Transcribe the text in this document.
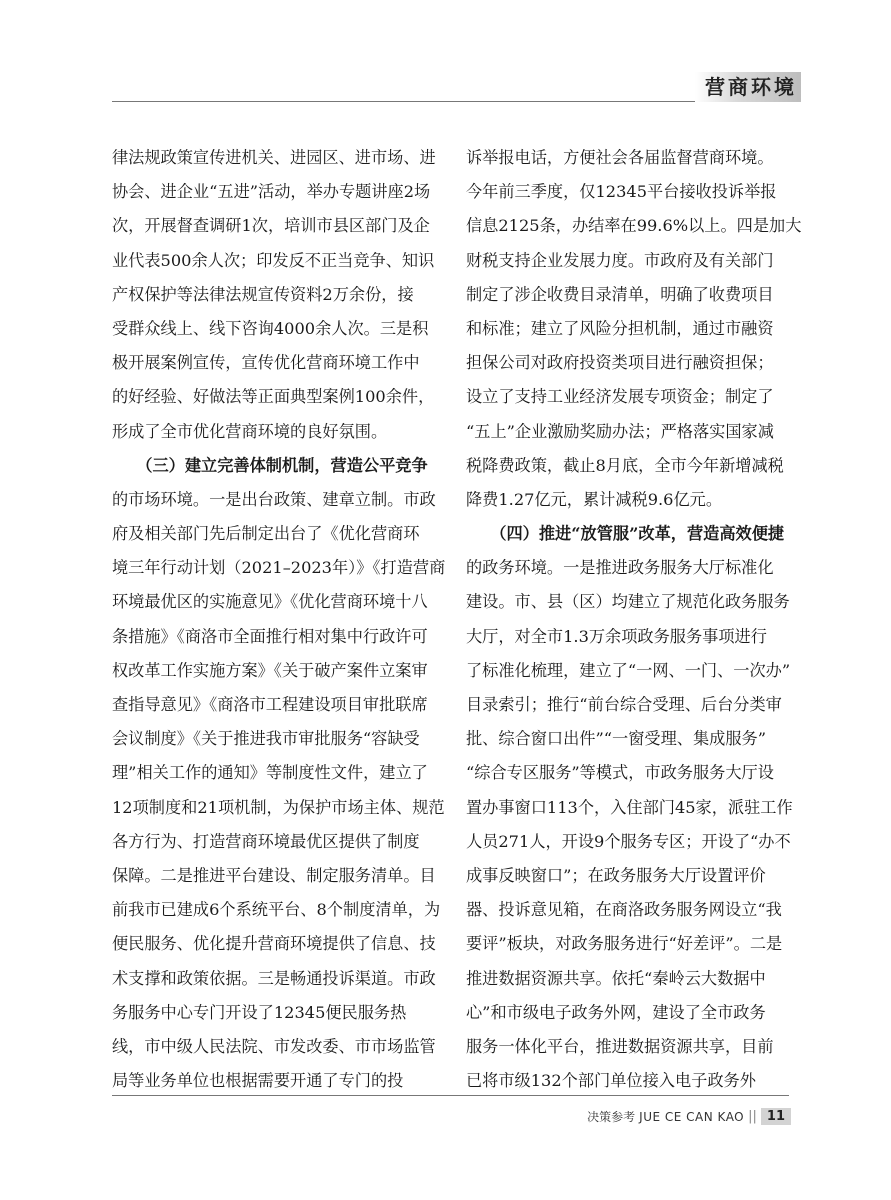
营商环境
律法规政策宣传进机关、进园区、进市场、进
协会、进企业“五进”活动，举办专题讲座2场
次，开展督查调研1次，培训市县区部门及企
业代表500余人次；印发反不正当竞争、知识
产权保护等法律法规宣传资料2万余份，接
受群众线上、线下咨询4000余人次。三是积
极开展案例宣传，宣传优化营商环境工作中
的好经验、好做法等正面典型案例100余件，
形成了全市优化营商环境的良好氛围。
　　（三）建立完善体制机制，营造公平竞争
的市场环境。一是出台政策、建章立制。市政
府及相关部门先后制定出台了《优化营商环
境三年行动计划（2021–2023年）》《打造营商
环境最优区的实施意见》《优化营商环境十八
条措施》《商洛市全面推行相对集中行政许可
权改革工作实施方案》《关于破产案件立案审
查指导意见》《商洛市工程建设项目审批联席
会议制度》《关于推进我市审批服务“容缺受
理”相关工作的通知》等制度性文件，建立了
12项制度和21项机制，为保护市场主体、规范
各方行为、打造营商环境最优区提供了制度
保障。二是推进平台建设、制定服务清单。目
前我市已建成6个系统平台、8个制度清单，为
便民服务、优化提升营商环境提供了信息、技
术支撑和政策依据。三是畅通投诉渠道。市政
务服务中心专门开设了12345便民服务热
线，市中级人民法院、市发改委、市市场监管
局等业务单位也根据需要开通了专门的投
诉举报电话，方便社会各届监督营商环境。
今年前三季度，仅12345平台接收投诉举报
信息2125条，办结率在99.6%以上。四是加大
财税支持企业发展力度。市政府及有关部门
制定了涉企收费目录清单，明确了收费项目
和标准；建立了风险分担机制，通过市融资
担保公司对政府投资类项目进行融资担保；
设立了支持工业经济发展专项资金；制定了
“五上”企业激励奖励办法；严格落实国家减
税降费政策，截止8月底，全市今年新增减税
降费1.27亿元，累计减税9.6亿元。
　　（四）推进“放管服”改革，营造高效便捷
的政务环境。一是推进政务服务大厅标准化
建设。市、县（区）均建立了规范化政务服务
大厅，对全市1.3万余项政务服务事项进行
了标准化梳理，建立了“一网、一门、一次办”
目录索引；推行“前台综合受理、后台分类审
批、综合窗口出件”“一窗受理、集成服务”
“综合专区服务”等模式，市政务服务大厅设
置办事窗口113个，入住部门45家，派驻工作
人员271人，开设9个服务专区；开设了“办不
成事反映窗口”；在政务服务大厅设置评价
器、投诉意见箱，在商洛政务服务网设立“我
要评”板块，对政务服务进行“好差评”。二是
推进数据资源共享。依托“秦岭云大数据中
心”和市级电子政务外网，建设了全市政务
服务一体化平台，推进数据资源共享，目前
已将市级132个部门单位接入电子政务外
决策参考 JUE CE CAN KAO || 11
